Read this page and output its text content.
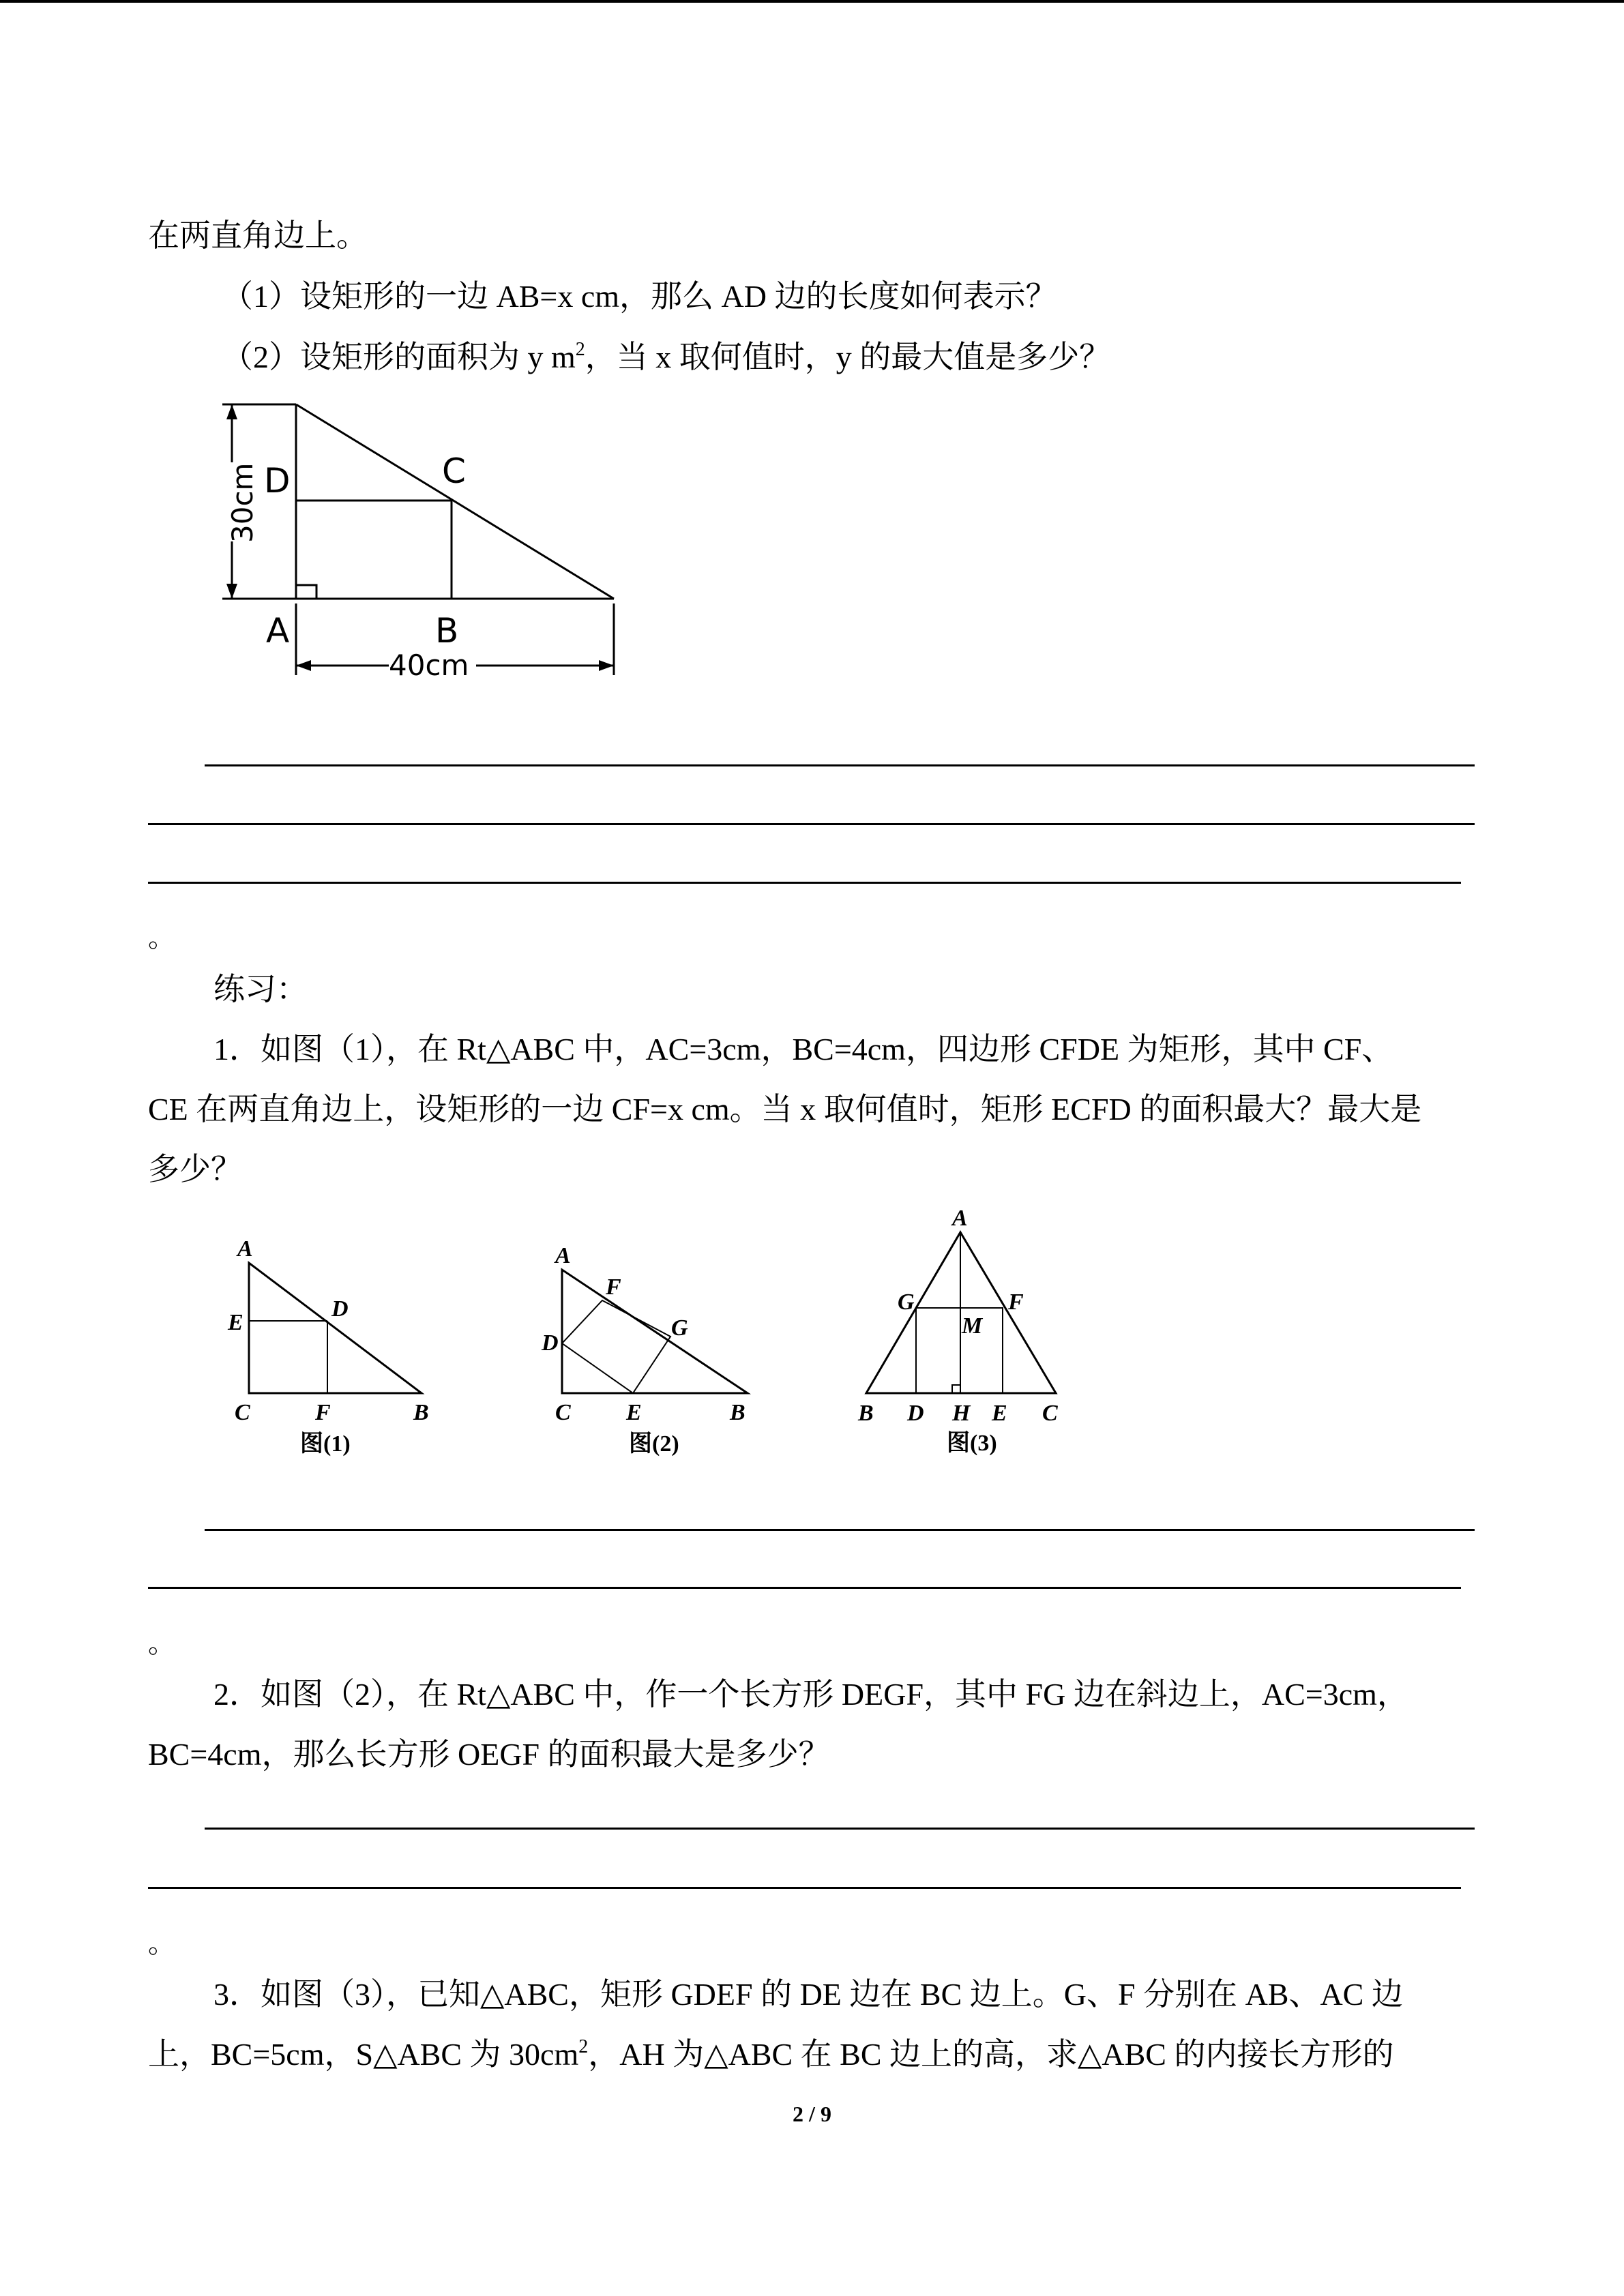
在两直角边上。
（1）设矩形的一边 AB=x cm，那么 AD 边的长度如何表示？
（2）设矩形的面积为 y $m^2$，当 x 取何值时，y 的最大值是多少？
D	C
A	B
40cm
30cm
。
练习：
1．如图（1），在 Rt△ABC 中，AC=3cm，BC=4cm，四边形 CFDE 为矩形，其中 CF、
CE 在两直角边上，设矩形的一边 CF=x cm。当 x 取何值时，矩形 ECFD 的面积最大？最大是
多少？
A
E
D
C	F	B
图(1)
A
F
G
D
C E	B
图(2)
A
G	F
M
B D H E C
图(3)
。
2．如图（2），在 Rt△ABC 中，作一个长方形 DEGF，其中 FG 边在斜边上，AC=3cm，
BC=4cm，那么长方形 OEGF 的面积最大是多少？
。
3．如图（3），已知△ABC，矩形 GDEF 的 DE 边在 BC 边上。G、F 分别在 AB、AC 边
上，BC=5cm，S△ABC 为 $30cm^2$，AH 为△ABC 在 BC 边上的高，求△ABC 的内接长方形的
2 / 9
